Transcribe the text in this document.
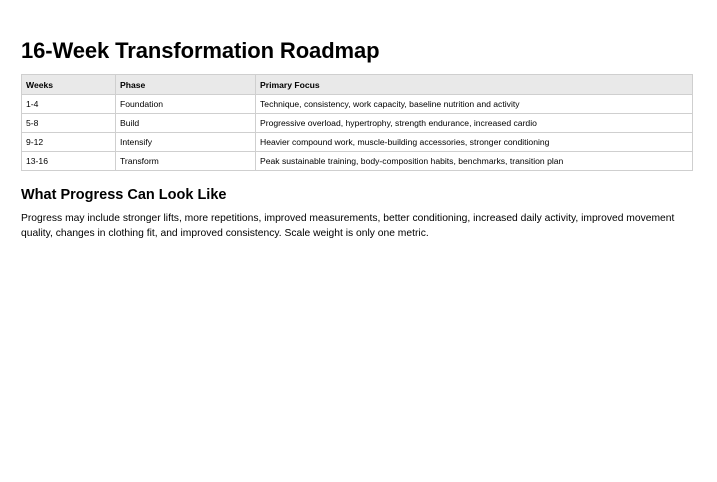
16-Week Transformation Roadmap
Weeks	Phase	Primary Focus
1-4	Foundation	Technique, consistency, work capacity, baseline nutrition and activity
5-8	Build	Progressive overload, hypertrophy, strength endurance, increased cardio
9-12	Intensify	Heavier compound work, muscle-building accessories, stronger conditioning
13-16	Transform	Peak sustainable training, body-composition habits, benchmarks, transition plan
What Progress Can Look Like

Progress may include stronger lifts, more repetitions, improved measurements, better conditioning, increased daily activity, improved movement quality, changes in clothing fit, and improved consistency. Scale weight is only one metric.
